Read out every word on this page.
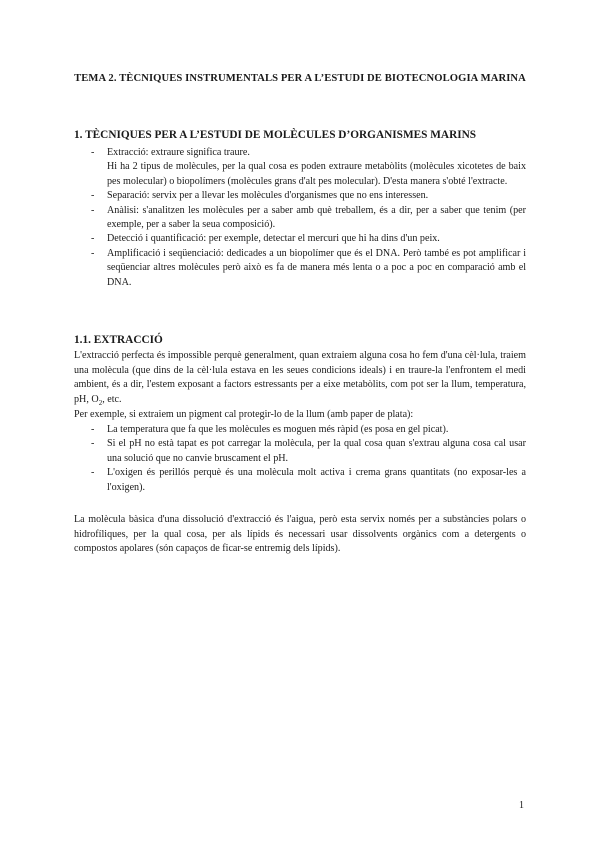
TEMA 2. TÈCNIQUES INSTRUMENTALS PER A L’ESTUDI DE BIOTECNOLOGIA MARINA
1. TÈCNIQUES PER A L’ESTUDI DE MOLÈCULES D’ORGANISMES MARINS
- Extracció: extraure significa traure.
Hi ha 2 tipus de molècules, per la qual cosa es poden extraure metabòlits (molècules xicotetes de baix pes molecular) o biopolímers (molècules grans d'alt pes molecular). D'esta manera s'obté l'extracte.
- Separació: servix per a llevar les molècules d'organismes que no ens interessen.
- Anàlisi: s'analitzen les molècules per a saber amb què treballem, és a dir, per a saber que tenim (per exemple, per a saber la seua composició).
- Detecció i quantificació: per exemple, detectar el mercuri que hi ha dins d'un peix.
- Amplificació i seqüenciació: dedicades a un biopolímer que és el DNA. Però també es pot amplificar i seqüenciar altres molècules però això es fa de manera més lenta o a poc a poc en comparació amb el DNA.
1.1. EXTRACCIÓ

L'extracció perfecta és impossible perquè generalment, quan extraiem alguna cosa ho fem d'una cèl·lula, traiem una molècula (que dins de la cèl·lula estava en les seues condicions ideals) i en traure-la l'enfrontem el medi ambient, és a dir, l'estem exposant a factors estressants per a eixe metabòlits, com pot ser la llum, temperatura, pH, $O_2$, etc.

Per exemple, si extraiem un pigment cal protegir-lo de la llum (amb paper de plata):

- La temperatura que fa que les molècules es moguen més ràpid (es posa en gel picat).
- Si el pH no està tapat es pot carregar la molècula, per la qual cosa quan s'extrau alguna cosa cal usar una solució que no canvie bruscament el pH.
- L'oxigen és perillós perquè és una molècula molt activa i crema grans quantitats (no exposar-les a l'oxigen).

La molècula bàsica d'una dissolució d'extracció és l'aigua, però esta servix només per a substàncies polars o hidrofíliques, per la qual cosa, per als lípids és necessari usar dissolvents orgànics com a detergents o compostos apolares (són capaços de ficar-se entremig dels lípids).

1
